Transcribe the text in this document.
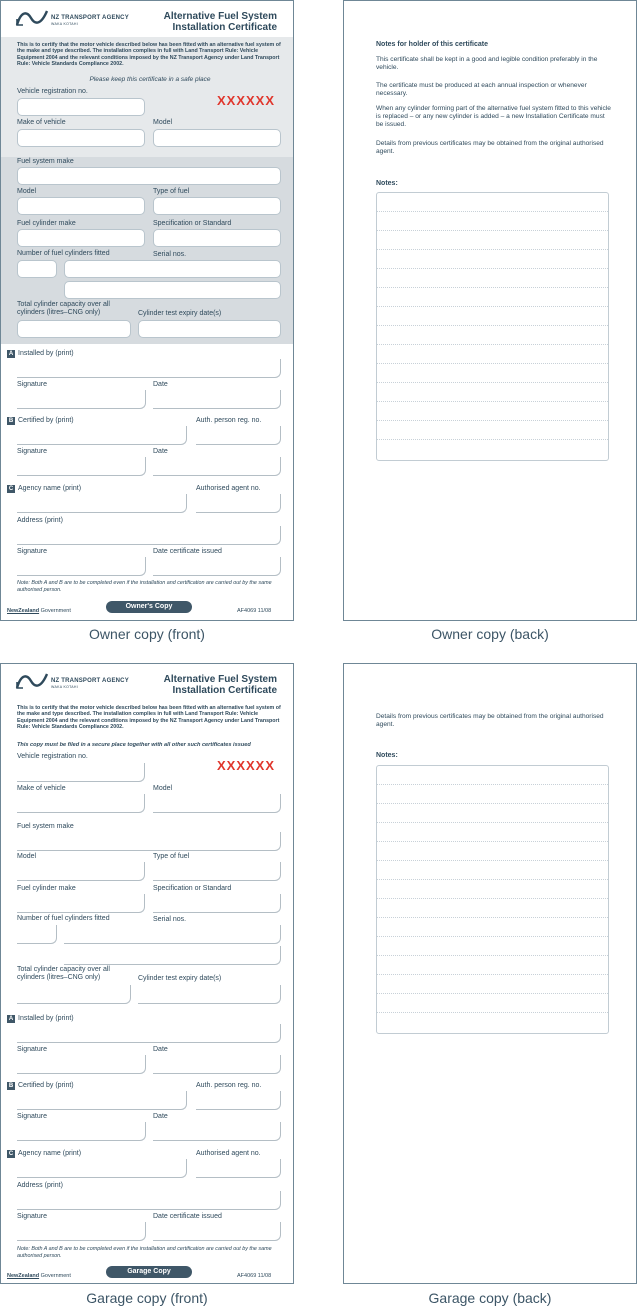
NZ TRANSPORT AGENCY
WAKA KOTAHI
Alternative Fuel System
Installation Certificate
This is to certify that the motor vehicle described below has been fitted with an alternative fuel system of the make and type described. The installation complies in full with Land Transport Rule: Vehicle Equipment 2004 and the relevant conditions imposed by the NZ Transport Agency under Land Transport Rule: Vehicle Standards Compliance 2002.
Please keep this certificate in a safe place
Vehicle registration no.
XXXXXX
Make of vehicle	Model
Fuel system make
Model	Type of fuel
Fuel cylinder make	Specification or Standard
Number of fuel cylinders fitted	Serial nos.
Total cylinder capacity over all
cylinders (litres–CNG only)	Cylinder test expiry date(s)
A Installed by (print)
Signature	Date
B Certified by (print)	Auth. person reg. no.
Signature	Date
C Agency name (print)	Authorised agent no.
Address (print)
Signature	Date certificate issued
Note: Both A and B are to be completed even if the installation and certification are carried out by the same authorised person.
NewZealand Government
Owner's Copy
AF4069 11/08
Owner copy (front)
Notes for holder of this certificate
This certificate shall be kept in a good and legible condition preferably in the vehicle.
The certificate must be produced at each annual inspection or whenever necessary.
When any cylinder forming part of the alternative fuel system fitted to this vehicle is replaced – or any new cylinder is added – a new Installation Certificate must be issued.
Details from previous certificates may be obtained from the original authorised agent.
Notes:
Owner copy (back)
NZ TRANSPORT AGENCY
WAKA KOTAHI
Alternative Fuel System
Installation Certificate
This is to certify that the motor vehicle described below has been fitted with an alternative fuel system of the make and type described. The installation complies in full with Land Transport Rule: Vehicle Equipment 2004 and the relevant conditions imposed by the NZ Transport Agency under Land Transport Rule: Vehicle Standards Compliance 2002.
This copy must be filed in a secure place together with all other such certificates issued
Vehicle registration no.
XXXXXX
Make of vehicle	Model
Fuel system make
Model	Type of fuel
Fuel cylinder make	Specification or Standard
Number of fuel cylinders fitted	Serial nos.
Total cylinder capacity over all
cylinders (litres–CNG only)	Cylinder test expiry date(s)
A Installed by (print)
Signature	Date
B Certified by (print)	Auth. person reg. no.
Signature	Date
C Agency name (print)	Authorised agent no.
Address (print)
Signature	Date certificate issued
Note: Both A and B are to be completed even if the installation and certification are carried out by the same authorised person.
NewZealand Government
Garage Copy
AF4069 11/08
Garage copy (front)
Details from previous certificates may be obtained from the original authorised agent.
Notes:
Garage copy (back)
